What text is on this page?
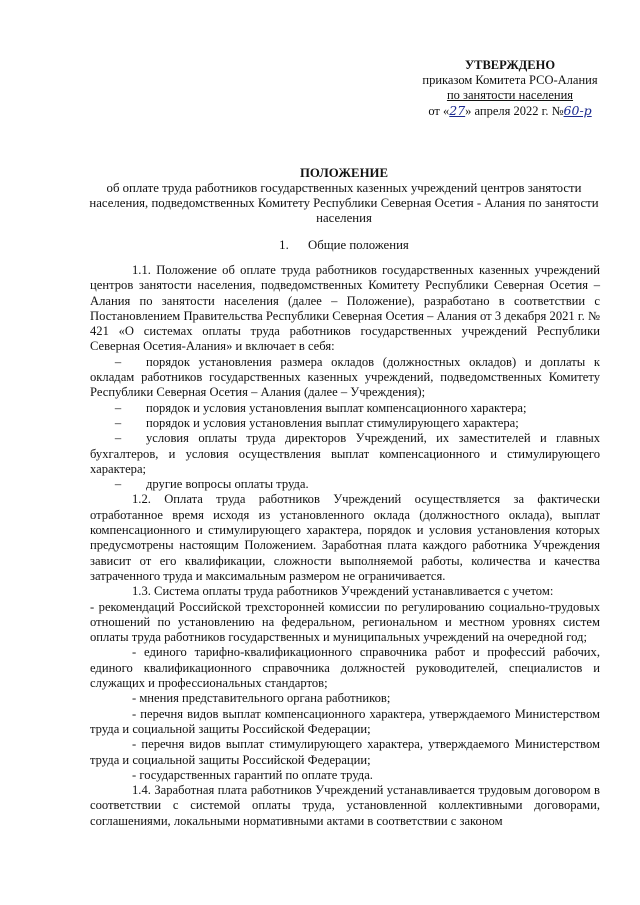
УТВЕРЖДЕНО
приказом Комитета РСО-Алания
по занятости населения
от «27» апреля 2022 г. №60-р
ПОЛОЖЕНИЕ
об оплате труда работников государственных казенных учреждений центров занятости населения, подведомственных Комитету Республики Северная Осетия - Алания по занятости населения
1. Общие положения

1.1. Положение об оплате труда работников государственных казенных учреждений центров занятости населения, подведомственных Комитету Республики Северная Осетия – Алания по занятости населения (далее – Положение), разработано в соответствии с Постановлением Правительства Республики Северная Осетия – Алания от 3 декабря 2021 г. № 421 «О системах оплаты труда работников государственных учреждений Республики Северная Осетия-Алания» и включает в себя:

– порядок установления размера окладов (должностных окладов) и доплаты к окладам работников государственных казенных учреждений, подведомственных Комитету Республики Северная Осетия – Алания (далее – Учреждения);

– порядок и условия установления выплат компенсационного характера;

– порядок и условия установления выплат стимулирующего характера;

– условия оплаты труда директоров Учреждений, их заместителей и главных бухгалтеров, и условия осуществления выплат компенсационного и стимулирующего характера;

– другие вопросы оплаты труда.

1.2. Оплата труда работников Учреждений осуществляется за фактически отработанное время исходя из установленного оклада (должностного оклада), выплат компенсационного и стимулирующего характера, порядок и условия установления которых предусмотрены настоящим Положением. Заработная плата каждого работника Учреждения зависит от его квалификации, сложности выполняемой работы, количества и качества затраченного труда и максимальным размером не ограничивается.

1.3. Система оплаты труда работников Учреждений устанавливается с учетом:

- рекомендаций Российской трехсторонней комиссии по регулированию социально-трудовых отношений по установлению на федеральном, региональном и местном уровнях систем оплаты труда работников государственных и муниципальных учреждений на очередной год;

- единого тарифно-квалификационного справочника работ и профессий рабочих, единого квалификационного справочника должностей руководителей, специалистов и служащих и профессиональных стандартов;

- мнения представительного органа работников;

- перечня видов выплат компенсационного характера, утверждаемого Министерством труда и социальной защиты Российской Федерации;

- перечня видов выплат стимулирующего характера, утверждаемого Министерством труда и социальной защиты Российской Федерации;

- государственных гарантий по оплате труда.

1.4. Заработная плата работников Учреждений устанавливается трудовым договором в соответствии с системой оплаты труда, установленной коллективными договорами, соглашениями, локальными нормативными актами в соответствии с законом
